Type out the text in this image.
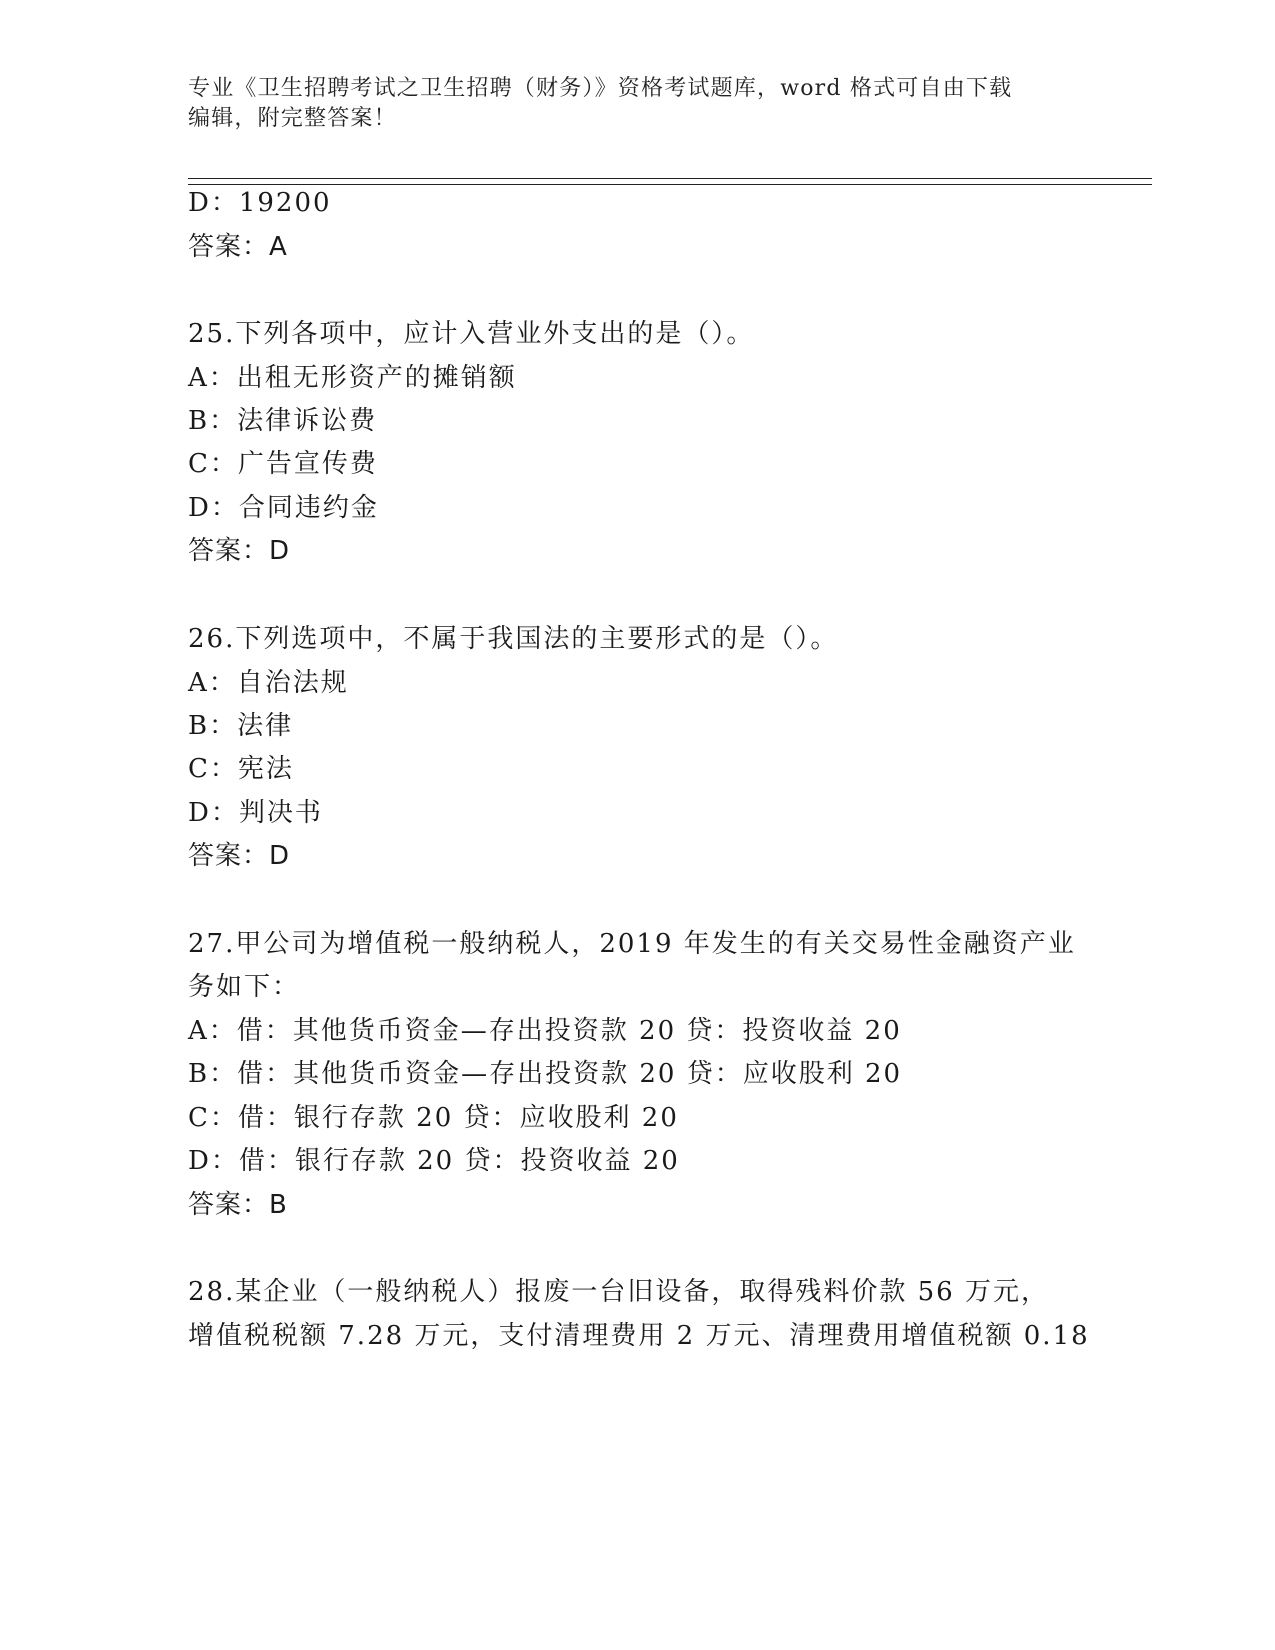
专业《卫生招聘考试之卫生招聘（财务）》资格考试题库，word 格式可自由下载
编辑，附完整答案！
D：19200
答案：A
25.下列各项中，应计入营业外支出的是（）。
A：出租无形资产的摊销额
B：法律诉讼费
C：广告宣传费
D：合同违约金
答案：D
26.下列选项中，不属于我国法的主要形式的是（）。
A：自治法规
B：法律
C：宪法
D：判决书
答案：D
27.甲公司为增值税一般纳税人，2019 年发生的有关交易性金融资产业
务如下：
A：借：其他货币资金—存出投资款 20 贷：投资收益 20
B：借：其他货币资金—存出投资款 20 贷：应收股利 20
C：借：银行存款 20 贷：应收股利 20
D：借：银行存款 20 贷：投资收益 20
答案：B
28.某企业（一般纳税人）报废一台旧设备，取得残料价款 56 万元，
增值税税额 7.28 万元，支付清理费用 2 万元、清理费用增值税额 0.18
